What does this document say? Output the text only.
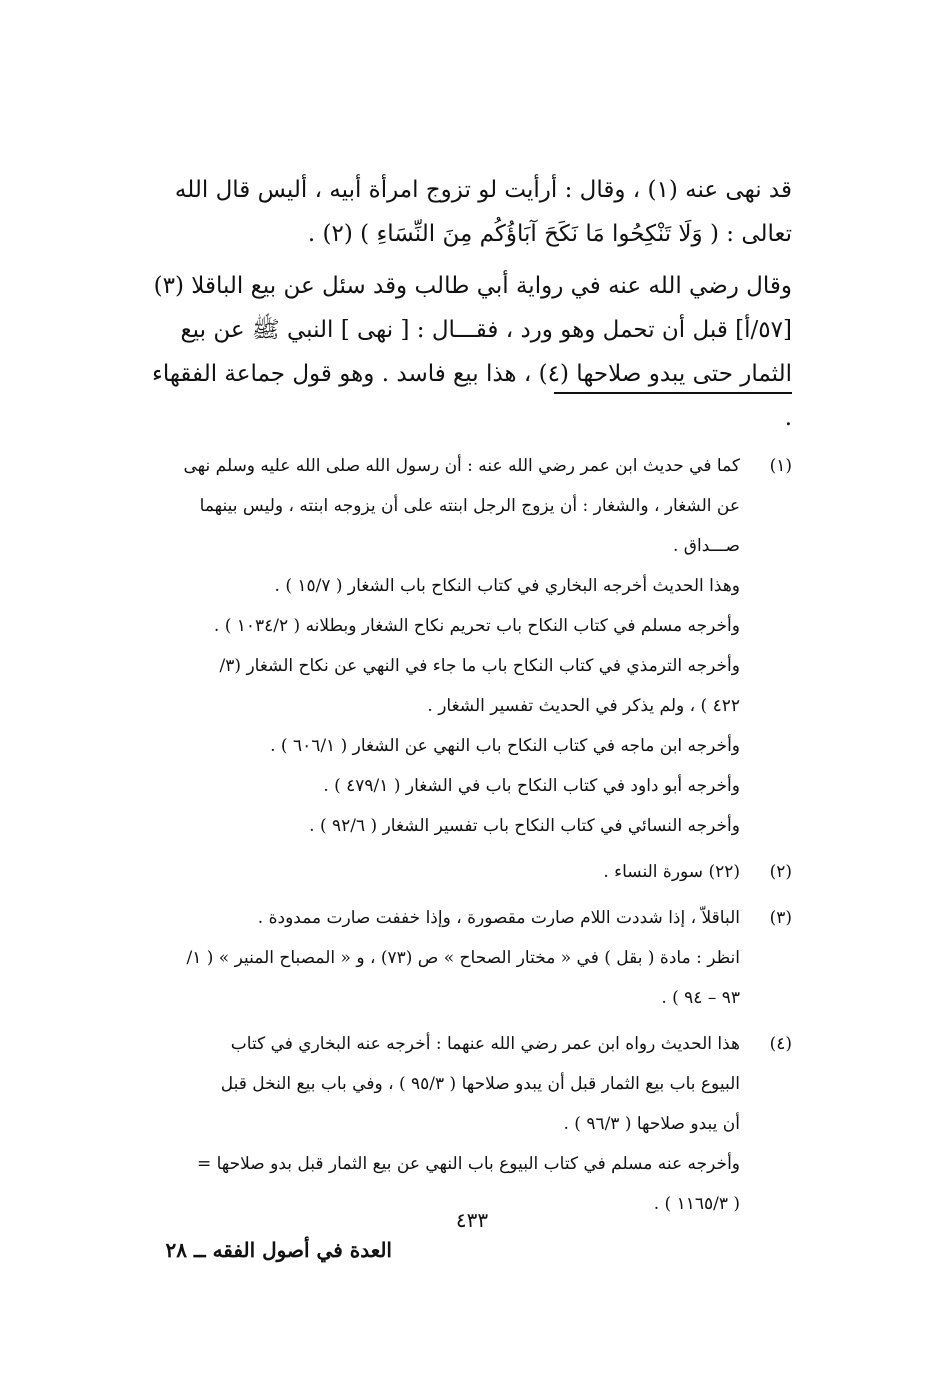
قد نهى عنه (١) ، وقال : أرأيت لو تزوج امرأة أبيه ، أليس قال الله
تعالى : ( وَلَا تَنْكِحُوا مَا نَكَحَ آبَاؤُكُم مِنَ النِّسَاءِ ) (٢) .

وقال رضي الله عنه في رواية أبي طالب وقد سئل عن بيع الباقلا (٣)
[٥٧/أ] قبل أن تحمل وهو ورد ، فقـــال : [ نهى ] النبي ﷺ عن بيع
الثمار حتى يبدو صلاحها (٤) ، هذا بيع فاسد . وهو قول جماعة الفقهاء .

(١)
كما في حديث ابن عمر رضي الله عنه : أن رسول الله صلى الله عليه وسلم نهى
عن الشغار ، والشغار : أن يزوج الرجل ابنته على أن يزوجه ابنته ، وليس بينهما
صـــداق .
وهذا الحديث أخرجه البخاري في كتاب النكاح باب الشغار ( ١٥/٧ ) .
وأخرجه مسلم في كتاب النكاح باب تحريم نكاح الشغار وبطلانه ( ١٠٣٤/٢ ) .
وأخرجه الترمذي في كتاب النكاح باب ما جاء في النهي عن نكاح الشغار (٣/
٤٢٢ ) ، ولم يذكر في الحديث تفسير الشغار .
وأخرجه ابن ماجه في كتاب النكاح باب النهي عن الشغار ( ٦٠٦/١ ) .
وأخرجه أبو داود في كتاب النكاح باب في الشغار ( ٤٧٩/١ ) .
وأخرجه النسائي في كتاب النكاح باب تفسير الشغار ( ٩٢/٦ ) .
(٢)
(٢٢) سورة النساء .
(٣)
الباقلاّ ، إذا شددت اللام صارت مقصورة ، وإذا خففت صارت ممدودة .
انظر : مادة ( بقل ) في « مختار الصحاح » ص (٧٣) ، و « المصباح المنير » ( ١/
٩٣ – ٩٤ ) .
(٤)
هذا الحديث رواه ابن عمر رضي الله عنهما : أخرجه عنه البخاري في كتاب
البيوع باب بيع الثمار قبل أن يبدو صلاحها ( ٩٥/٣ ) ، وفي باب بيع النخل قبل
أن يبدو صلاحها ( ٩٦/٣ ) .
وأخرجه عنه مسلم في كتاب البيوع باب النهي عن بيع الثمار قبل بدو صلاحها =
( ١١٦٥/٣ ) .
٤٣٣
العدة في أصول الفقه ــ ٢٨
